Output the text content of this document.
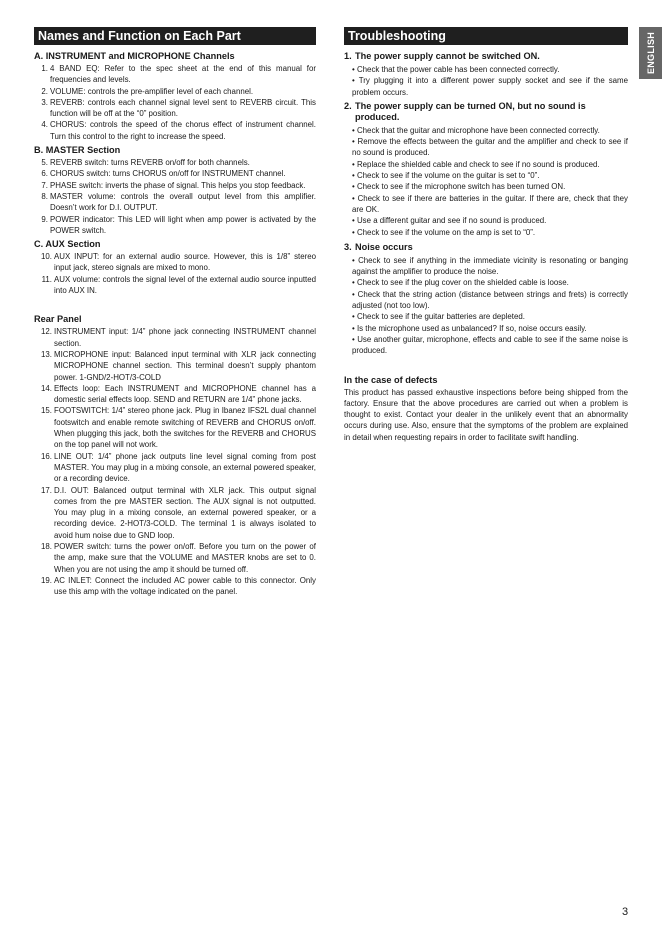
Names and Function on Each Part
A. INSTRUMENT and MICROPHONE Channels
1. 4 BAND EQ: Refer to the spec sheet at the end of this manual for frequencies and levels.
2. VOLUME: controls the pre-amplifier level of each channel.
3. REVERB: controls each channel signal level sent to REVERB circuit. This function will be off at the “0” position.
4. CHORUS: controls the speed of the chorus effect of instrument channel. Turn this control to the right to increase the speed.
B. MASTER Section
5. REVERB switch: turns REVERB on/off for both channels.
6. CHORUS switch: turns CHORUS on/off for INSTRUMENT channel.
7. PHASE switch: inverts the phase of signal. This helps you stop feedback.
8. MASTER volume: controls the overall output level from this amplifier. Doesn’t work for D.I. OUTPUT.
9. POWER indicator: This LED will light when amp power is activated by the POWER switch.
C. AUX Section
10. AUX INPUT: for an external audio source. However, this is 1/8” stereo input jack, stereo signals are mixed to mono.
11. AUX volume: controls the signal level of the external audio source inputted into AUX IN.
Rear Panel
12. INSTRUMENT input: 1/4” phone jack connecting INSTRUMENT channel section.
13. MICROPHONE input: Balanced input terminal with XLR jack connecting MICROPHONE channel section. This terminal doesn’t supply phantom power. 1-GND/2-HOT/3-COLD
14. Effects loop: Each INSTRUMENT and MICROPHONE channel has a domestic serial effects loop. SEND and RETURN are 1/4” phone jacks.
15. FOOTSWITCH: 1/4” stereo phone jack. Plug in Ibanez IFS2L dual channel footswitch and enable remote switching of REVERB and CHORUS on/off. When plugging this jack, both the switches for the REVERB and CHORUS on the top panel will not work.
16. LINE OUT: 1/4” phone jack outputs line level signal coming from post MASTER. You may plug in a mixing console, an external powered speaker, or a recording device.
17. D.I. OUT: Balanced output terminal with XLR jack. This output signal comes from the pre MASTER section. The AUX signal is not outputted. You may plug in a mixing console, an external powered speaker, or a recording device. 2-HOT/3-COLD. The terminal 1 is always isolated to avoid hum noise due to GND loop.
18. POWER switch: turns the power on/off. Before you turn on the power of the amp, make sure that the VOLUME and MASTER knobs are set to 0. When you are not using the amp it should be turned off.
19. AC INLET: Connect the included AC power cable to this connector. Only use this amp with the voltage indicated on the panel.
Troubleshooting
1. The power supply cannot be switched ON.
• Check that the power cable has been connected correctly.
• Try plugging it into a different power supply socket and see if the same problem occurs.
2. The power supply can be turned ON, but no sound is produced.
• Check that the guitar and microphone have been connected correctly.
• Remove the effects between the guitar and the amplifier and check to see if no sound is produced.
• Replace the shielded cable and check to see if no sound is produced.
• Check to see if the volume on the guitar is set to “0”.
• Check to see if the microphone switch has been turned ON.
• Check to see if there are batteries in the guitar. If there are, check that they are OK.
• Use a different guitar and see if no sound is produced.
• Check to see if the volume on the amp is set to “0”.
3. Noise occurs
• Check to see if anything in the immediate vicinity is resonating or banging against the amplifier to produce the noise.
• Check to see if the plug cover on the shielded cable is loose.
• Check that the string action (distance between strings and frets) is correctly adjusted (not too low).
• Check to see if the guitar batteries are depleted.
• Is the microphone used as unbalanced? If so, noise occurs easily.
• Use another guitar, microphone, effects and cable to see if the same noise is produced.
In the case of defects

This product has passed exhaustive inspections before being shipped from the factory. Ensure that the above procedures are carried out when a problem is thought to exist. Contact your dealer in the unlikely event that an abnormality occurs during use. Also, ensure that the symptoms of the problem are explained in detail when requesting repairs in order to facilitate swift handling.

ENGLISH
3
